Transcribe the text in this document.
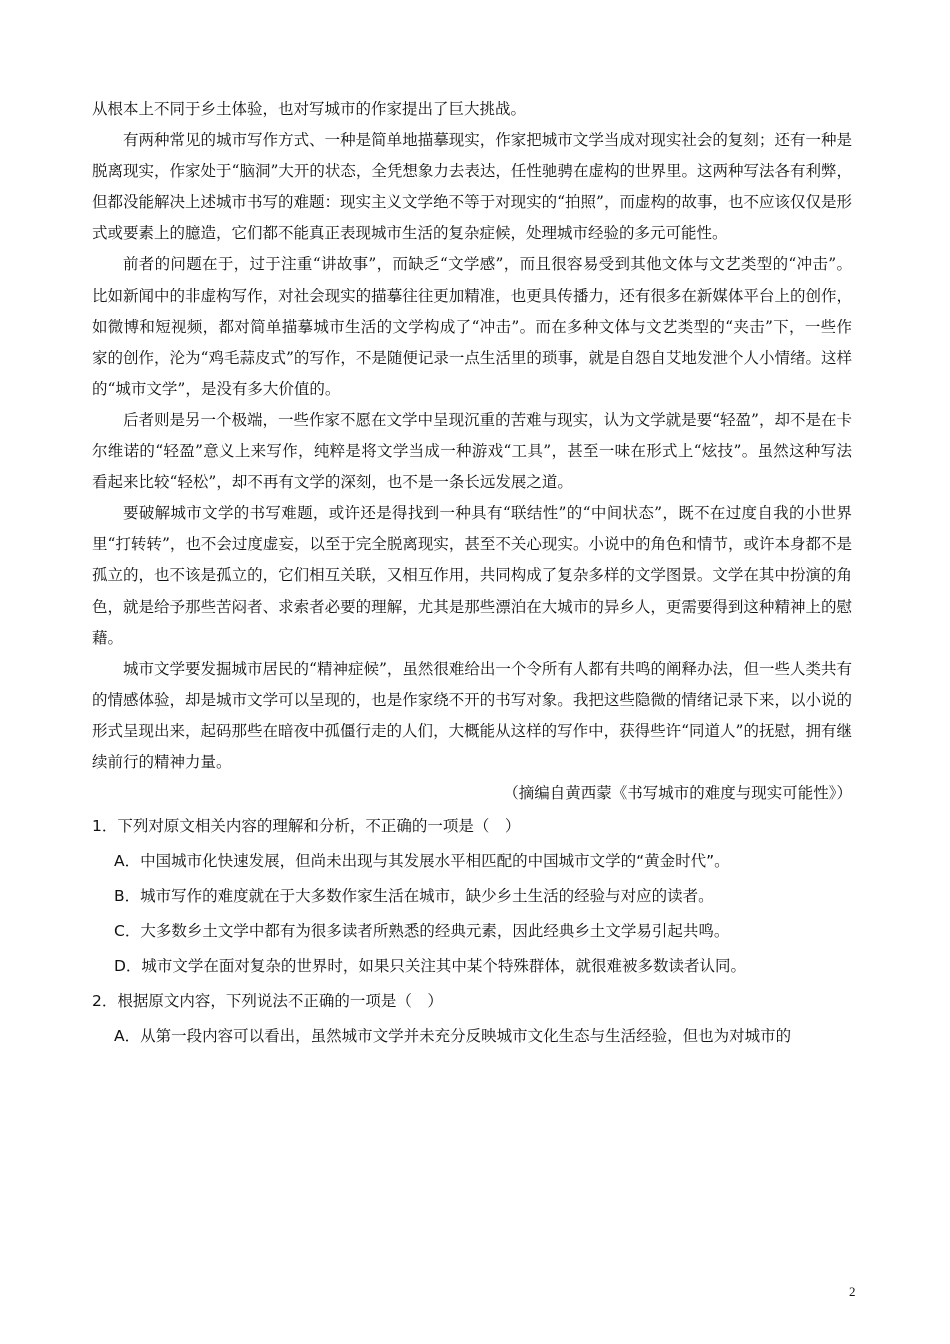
从根本上不同于乡土体验，也对写城市的作家提出了巨大挑战。

有两种常见的城市写作方式、一种是简单地描摹现实，作家把城市文学当成对现实社会的复刻；还有一种是脱离现实，作家处于“脑洞”大开的状态，全凭想象力去表达，任性驰骋在虚构的世界里。这两种写法各有利弊，但都没能解决上述城市书写的难题：现实主义文学绝不等于对现实的“拍照”，而虚构的故事，也不应该仅仅是形式或要素上的臆造，它们都不能真正表现城市生活的复杂症候，处理城市经验的多元可能性。

前者的问题在于，过于注重“讲故事”，而缺乏“文学感”，而且很容易受到其他文体与文艺类型的“冲击”。比如新闻中的非虚构写作，对社会现实的描摹往往更加精准，也更具传播力，还有很多在新媒体平台上的创作，如微博和短视频，都对简单描摹城市生活的文学构成了“冲击”。而在多种文体与文艺类型的“夹击”下，一些作家的创作，沦为“鸡毛蒜皮式”的写作，不是随便记录一点生活里的琐事，就是自怨自艾地发泄个人小情绪。这样的“城市文学”，是没有多大价值的。

后者则是另一个极端，一些作家不愿在文学中呈现沉重的苦难与现实，认为文学就是要“轻盈”，却不是在卡尔维诺的“轻盈”意义上来写作，纯粹是将文学当成一种游戏“工具”，甚至一味在形式上“炫技”。虽然这种写法看起来比较“轻松”，却不再有文学的深刻，也不是一条长远发展之道。

要破解城市文学的书写难题，或许还是得找到一种具有“联结性”的“中间状态”，既不在过度自我的小世界里“打转转”，也不会过度虚妄，以至于完全脱离现实，甚至不关心现实。小说中的角色和情节，或许本身都不是孤立的，也不该是孤立的，它们相互关联，又相互作用，共同构成了复杂多样的文学图景。文学在其中扮演的角色，就是给予那些苦闷者、求索者必要的理解，尤其是那些漂泊在大城市的异乡人，更需要得到这种精神上的慰藉。

城市文学要发掘城市居民的“精神症候”，虽然很难给出一个令所有人都有共鸣的阐释办法，但一些人类共有的情感体验，却是城市文学可以呈现的，也是作家绕不开的书写对象。我把这些隐微的情绪记录下来，以小说的形式呈现出来，起码那些在暗夜中孤僵行走的人们，大概能从这样的写作中，获得些许“同道人”的抚慰，拥有继续前行的精神力量。

（摘编自黄西蒙《书写城市的难度与现实可能性》）

1．下列对原文相关内容的理解和分析，不正确的一项是（　）

A．中国城市化快速发展，但尚未出现与其发展水平相匹配的中国城市文学的“黄金时代”。

B．城市写作的难度就在于大多数作家生活在城市，缺少乡土生活的经验与对应的读者。

C．大多数乡土文学中都有为很多读者所熟悉的经典元素，因此经典乡土文学易引起共鸣。

D．城市文学在面对复杂的世界时，如果只关注其中某个特殊群体，就很难被多数读者认同。

2．根据原文内容，下列说法不正确的一项是（　）

A．从第一段内容可以看出，虽然城市文学并未充分反映城市文化生态与生活经验，但也为对城市的

2
